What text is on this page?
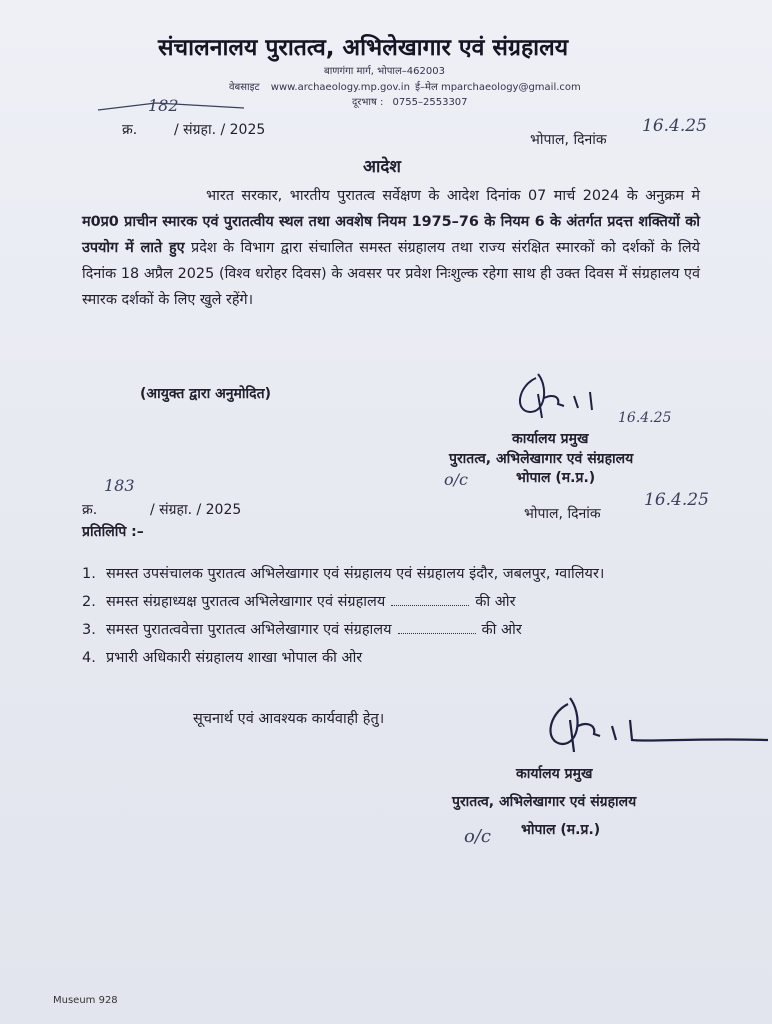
संचालनालय पुरातत्व, अभिलेखागार एवं संग्रहालय
बाणगंगा मार्ग, भोपाल–462003
वेबसाइट www.archaeology.mp.gov.in ई–मेल mparchaeology@gmail.com
दूरभाष : 0755–2553307
182
क्र.	/ संग्रहा. / 2025
भोपाल, दिनांक
16.4.25
आदेश
भारत सरकार, भारतीय पुरातत्व सर्वेक्षण के आदेश दिनांक 07 मार्च 2024 के अनुक्रम मे म0प्र0 प्राचीन स्मारक एवं पुरातत्वीय स्थल तथा अवशेष नियम 1975–76 के नियम 6 के अंतर्गत प्रदत्त शक्तियों को उपयोग में लाते हुए प्रदेश के विभाग द्वारा संचालित समस्त संग्रहालय तथा राज्य संरक्षित स्मारकों को दर्शकों के लिये दिनांक 18 अप्रैल 2025 (विश्व धरोहर दिवस) के अवसर पर प्रवेश निःशुल्क रहेगा साथ ही उक्त दिवस में संग्रहालय एवं स्मारक दर्शकों के लिए खुले रहेंगे।
(आयुक्त द्वारा अनुमोदित)
16.4.25
कार्यालय प्रमुख
पुरातत्व, अभिलेखागार एवं संग्रहालय
o/c	भोपाल (म.प्र.)
183
क्र.	/ संग्रहा. / 2025	भोपाल, दिनांक
16.4.25
प्रतिलिपि :–
1. समस्त उपसंचालक पुरातत्व अभिलेखागार एवं संग्रहालय एवं संग्रहालय इंदौर, जबलपुर, ग्वालियर।
2. समस्त संग्रहाध्यक्ष पुरातत्व अभिलेखागार एवं संग्रहालय	की ओर
3. समस्त पुरातत्ववेत्ता पुरातत्व अभिलेखागार एवं संग्रहालय	की ओर
4. प्रभारी अधिकारी संग्रहालय शाखा भोपाल की ओर
सूचनार्थ एवं आवश्यक कार्यवाही हेतु।
कार्यालय प्रमुख
पुरातत्व, अभिलेखागार एवं संग्रहालय
o/c भोपाल (म.प्र.)
Museum 928
